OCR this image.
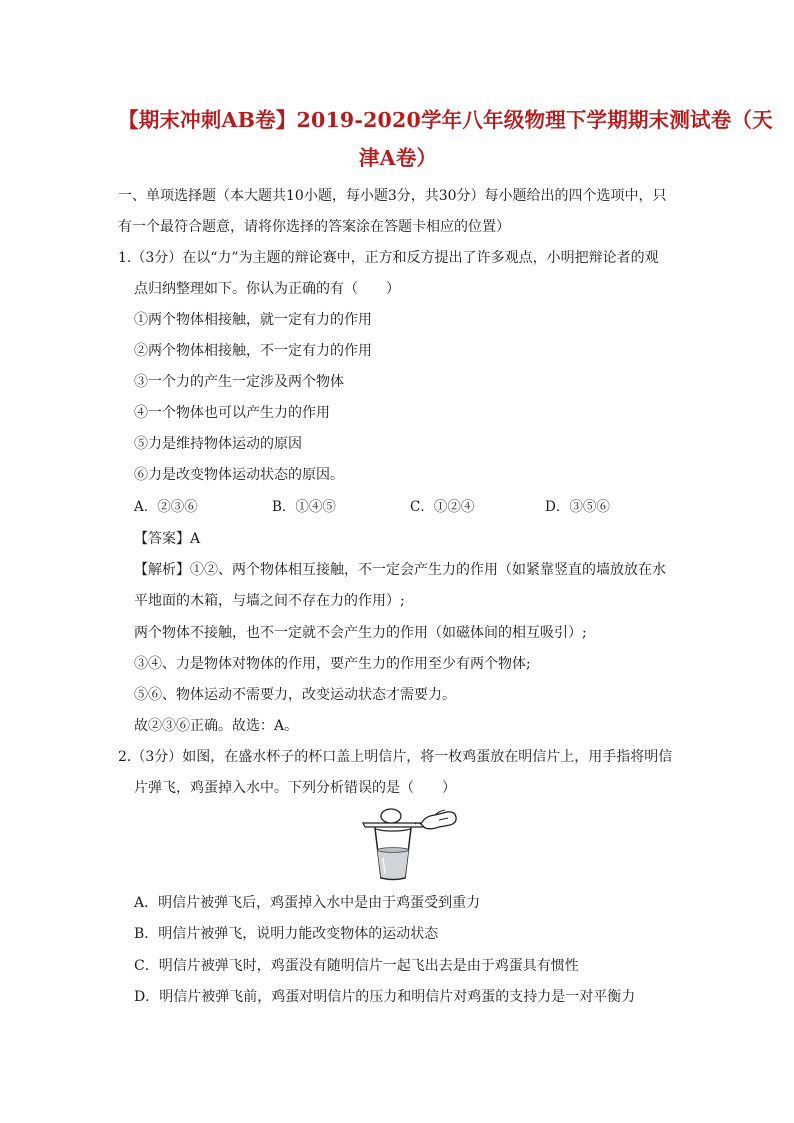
【期末冲刺AB卷】2019-2020学年八年级物理下学期期末测试卷（天
津A卷）
一、单项选择题（本大题共10小题，每小题3分，共30分）每小题给出的四个选项中，只
有一个最符合题意，请将你选择的答案涂在答题卡相应的位置）
1.（3分）在以“力”为主题的辩论赛中，正方和反方提出了许多观点，小明把辩论者的观
点归纳整理如下。你认为正确的有（　　）
①两个物体相接触，就一定有力的作用
②两个物体相接触，不一定有力的作用
③一个力的产生一定涉及两个物体
④一个物体也可以产生力的作用
⑤力是维持物体运动的原因
⑥力是改变物体运动状态的原因。
A．②③⑥	B．①④⑤	C．①②④	D．③⑤⑥
【答案】A
【解析】①②、两个物体相互接触，不一定会产生力的作用（如紧靠竖直的墙放放在水
平地面的木箱，与墙之间不存在力的作用）;
两个物体不接触，也不一定就不会产生力的作用（如磁体间的相互吸引）;
③④、力是物体对物体的作用，要产生力的作用至少有两个物体;
⑤⑥、物体运动不需要力，改变运动状态才需要力。
故②③⑥正确。故选：A。
2.（3分）如图，在盛水杯子的杯口盖上明信片，将一枚鸡蛋放在明信片上，用手指将明信
片弹飞，鸡蛋掉入水中。下列分析错误的是（　　）
A．明信片被弹飞后，鸡蛋掉入水中是由于鸡蛋受到重力
B．明信片被弹飞，说明力能改变物体的运动状态
C．明信片被弹飞时，鸡蛋没有随明信片一起飞出去是由于鸡蛋具有惯性
D．明信片被弹飞前，鸡蛋对明信片的压力和明信片对鸡蛋的支持力是一对平衡力
